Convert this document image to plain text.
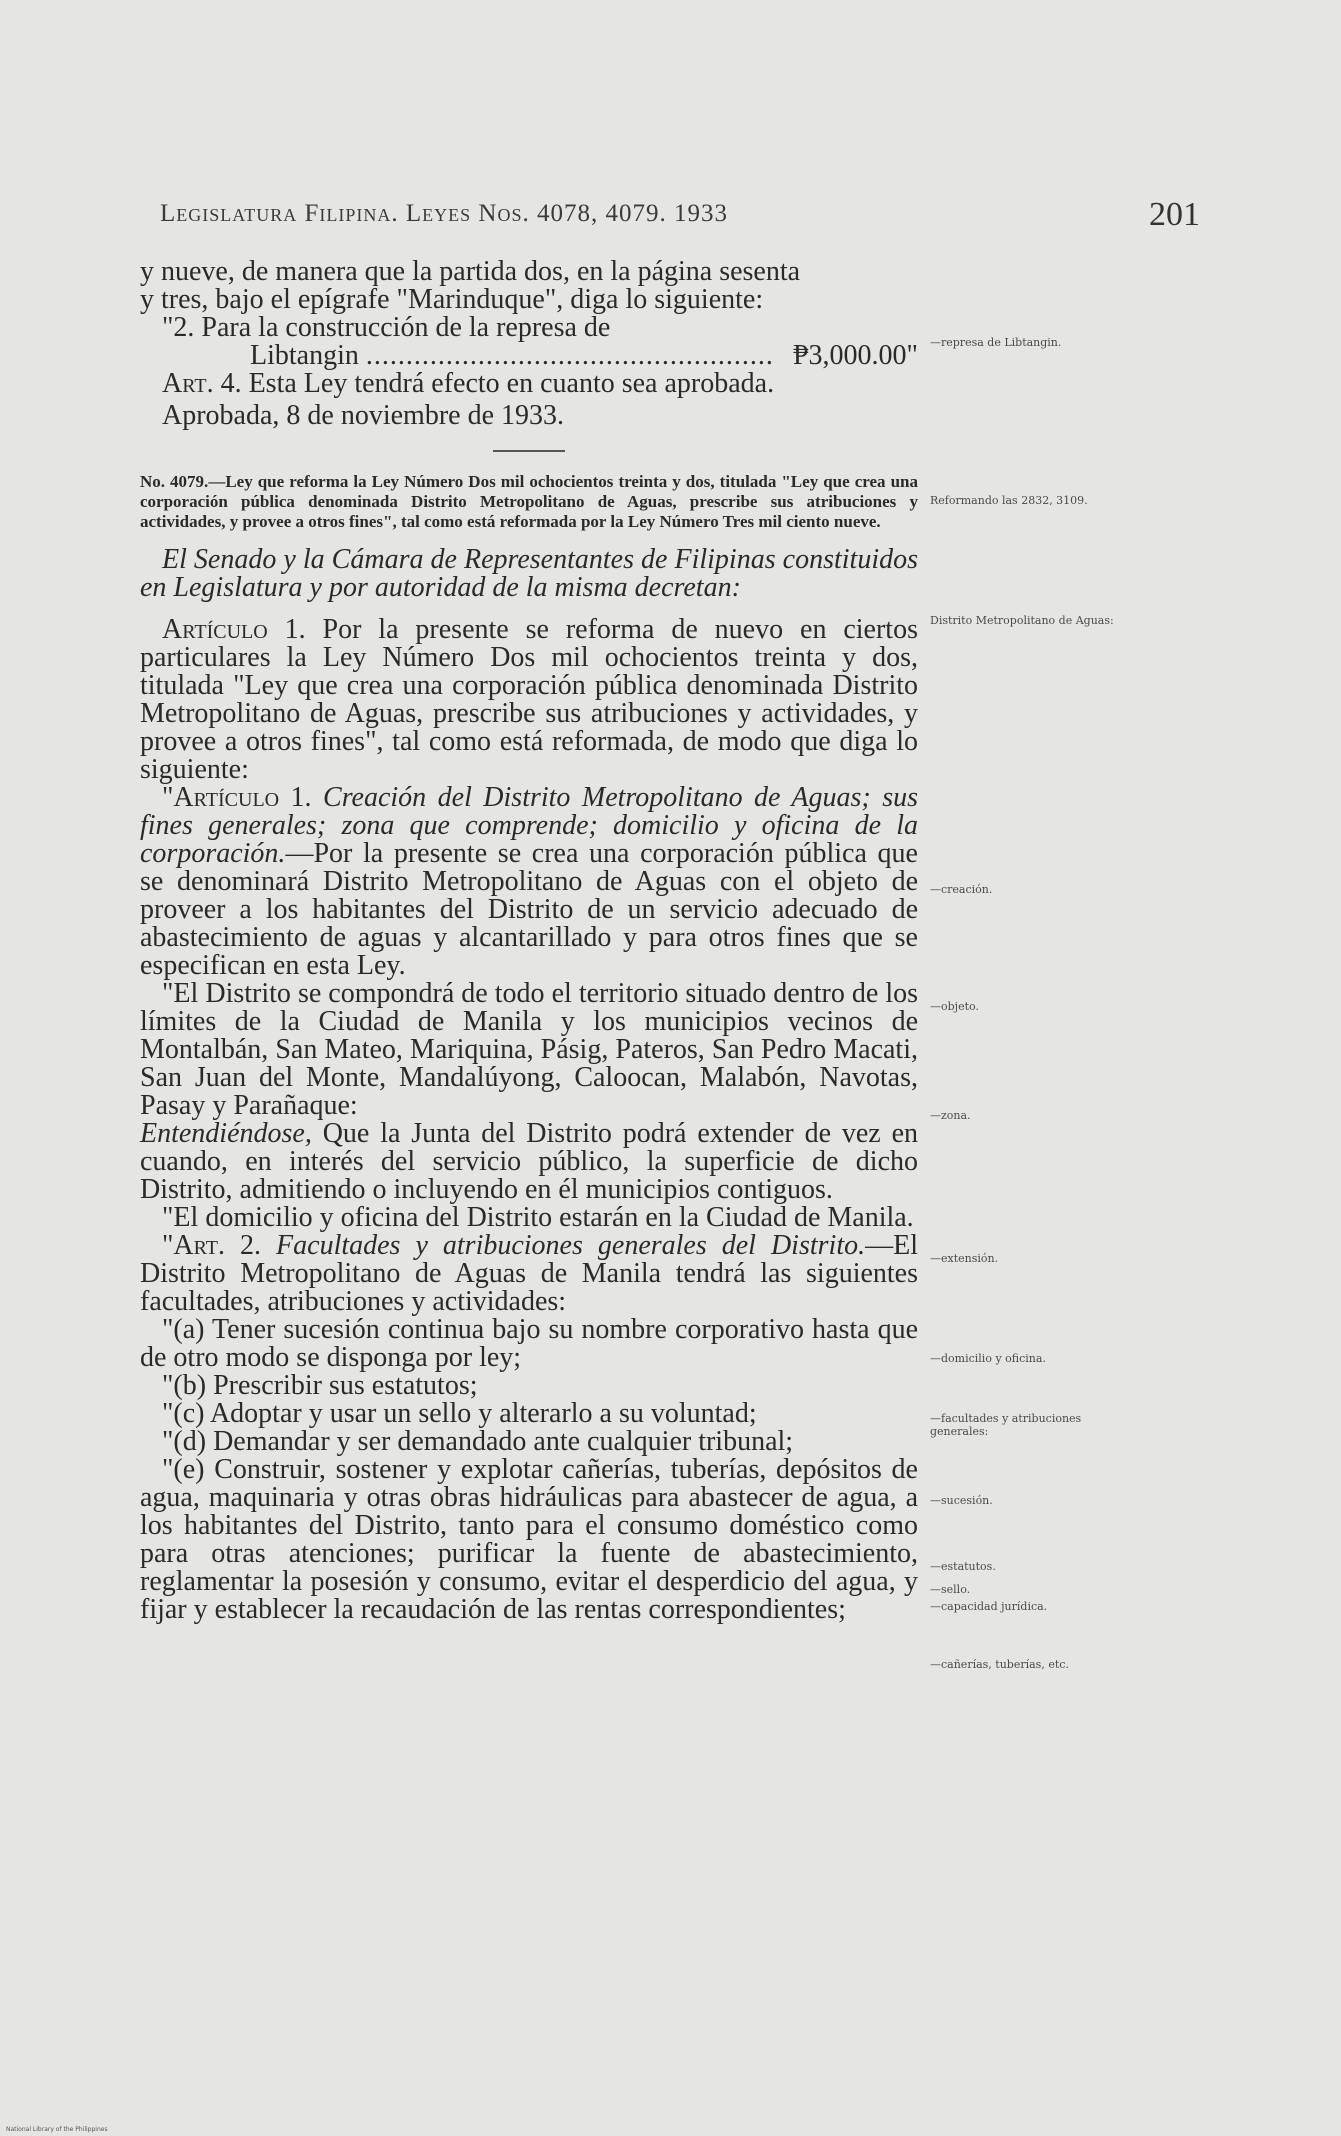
Legislatura Filipina. Leyes Nos. 4078, 4079. 1933	201

y nueve, de manera que la partida dos, en la página sesenta

y tres, bajo el epígrafe "Marinduque", diga lo siguiente:

"2. Para la construcción de la represa de

Libtangin ................................................... ₱3,000.00"

Art. 4. Esta Ley tendrá efecto en cuanto sea aprobada.

Aprobada, 8 de noviembre de 1933.

No. 4079.—Ley que reforma la Ley Número Dos mil ochocientos treinta y dos, titulada "Ley que crea una corporación pública denominada Distrito Metropolitano de Aguas, prescribe sus atribuciones y actividades, y provee a otros fines", tal como está reformada por la Ley Número Tres mil ciento nueve.

El Senado y la Cámara de Representantes de Filipinas constituidos en Legislatura y por autoridad de la misma decretan:

Artículo 1. Por la presente se reforma de nuevo en ciertos particulares la Ley Número Dos mil ochocientos treinta y dos, titulada "Ley que crea una corporación pública denominada Distrito Metropolitano de Aguas, prescribe sus atribuciones y actividades, y provee a otros fines", tal como está reformada, de modo que diga lo siguiente:

"Artículo 1. Creación del Distrito Metropolitano de Aguas; sus fines generales; zona que comprende; domicilio y oficina de la corporación.—Por la presente se crea una corporación pública que se denominará Distrito Metropolitano de Aguas con el objeto de proveer a los habitantes del Distrito de un servicio adecuado de abastecimiento de aguas y alcantarillado y para otros fines que se especifican en esta Ley.

"El Distrito se compondrá de todo el territorio situado dentro de los límites de la Ciudad de Manila y los municipios vecinos de Montalbán, San Mateo, Mariquina, Pásig, Pateros, San Pedro Macati, San Juan del Monte, Mandalúyong, Caloocan, Malabón, Navotas, Pasay y Parañaque:

Entendiéndose, Que la Junta del Distrito podrá extender de vez en cuando, en interés del servicio público, la superficie de dicho Distrito, admitiendo o incluyendo en él municipios contiguos.

"El domicilio y oficina del Distrito estarán en la Ciudad de Manila.

"Art. 2. Facultades y atribuciones generales del Distrito.—El Distrito Metropolitano de Aguas de Manila tendrá las siguientes facultades, atribuciones y actividades:

"(a) Tener sucesión continua bajo su nombre corporativo hasta que de otro modo se disponga por ley;

"(b) Prescribir sus estatutos;

"(c) Adoptar y usar un sello y alterarlo a su voluntad;

"(d) Demandar y ser demandado ante cualquier tribunal;

"(e) Construir, sostener y explotar cañerías, tuberías, depósitos de agua, maquinaria y otras obras hidráulicas para abastecer de agua, a los habitantes del Distrito, tanto para el consumo doméstico como para otras atenciones; purificar la fuente de abastecimiento, reglamentar la posesión y consumo, evitar el desperdicio del agua, y fijar y establecer la recaudación de las rentas correspondientes;

—represa de Libtangin.
Reformando las 2832, 3109.
Distrito Metropolitano de Aguas:
—creación.
—objeto.
—zona.
—extensión.
—domicilio y oficina.
—facultades y atribuciones generales:
—sucesión.
—estatutos.
—sello.
—capacidad jurídica.
—cañerías, tuberías, etc.
National Library of the Philippines
